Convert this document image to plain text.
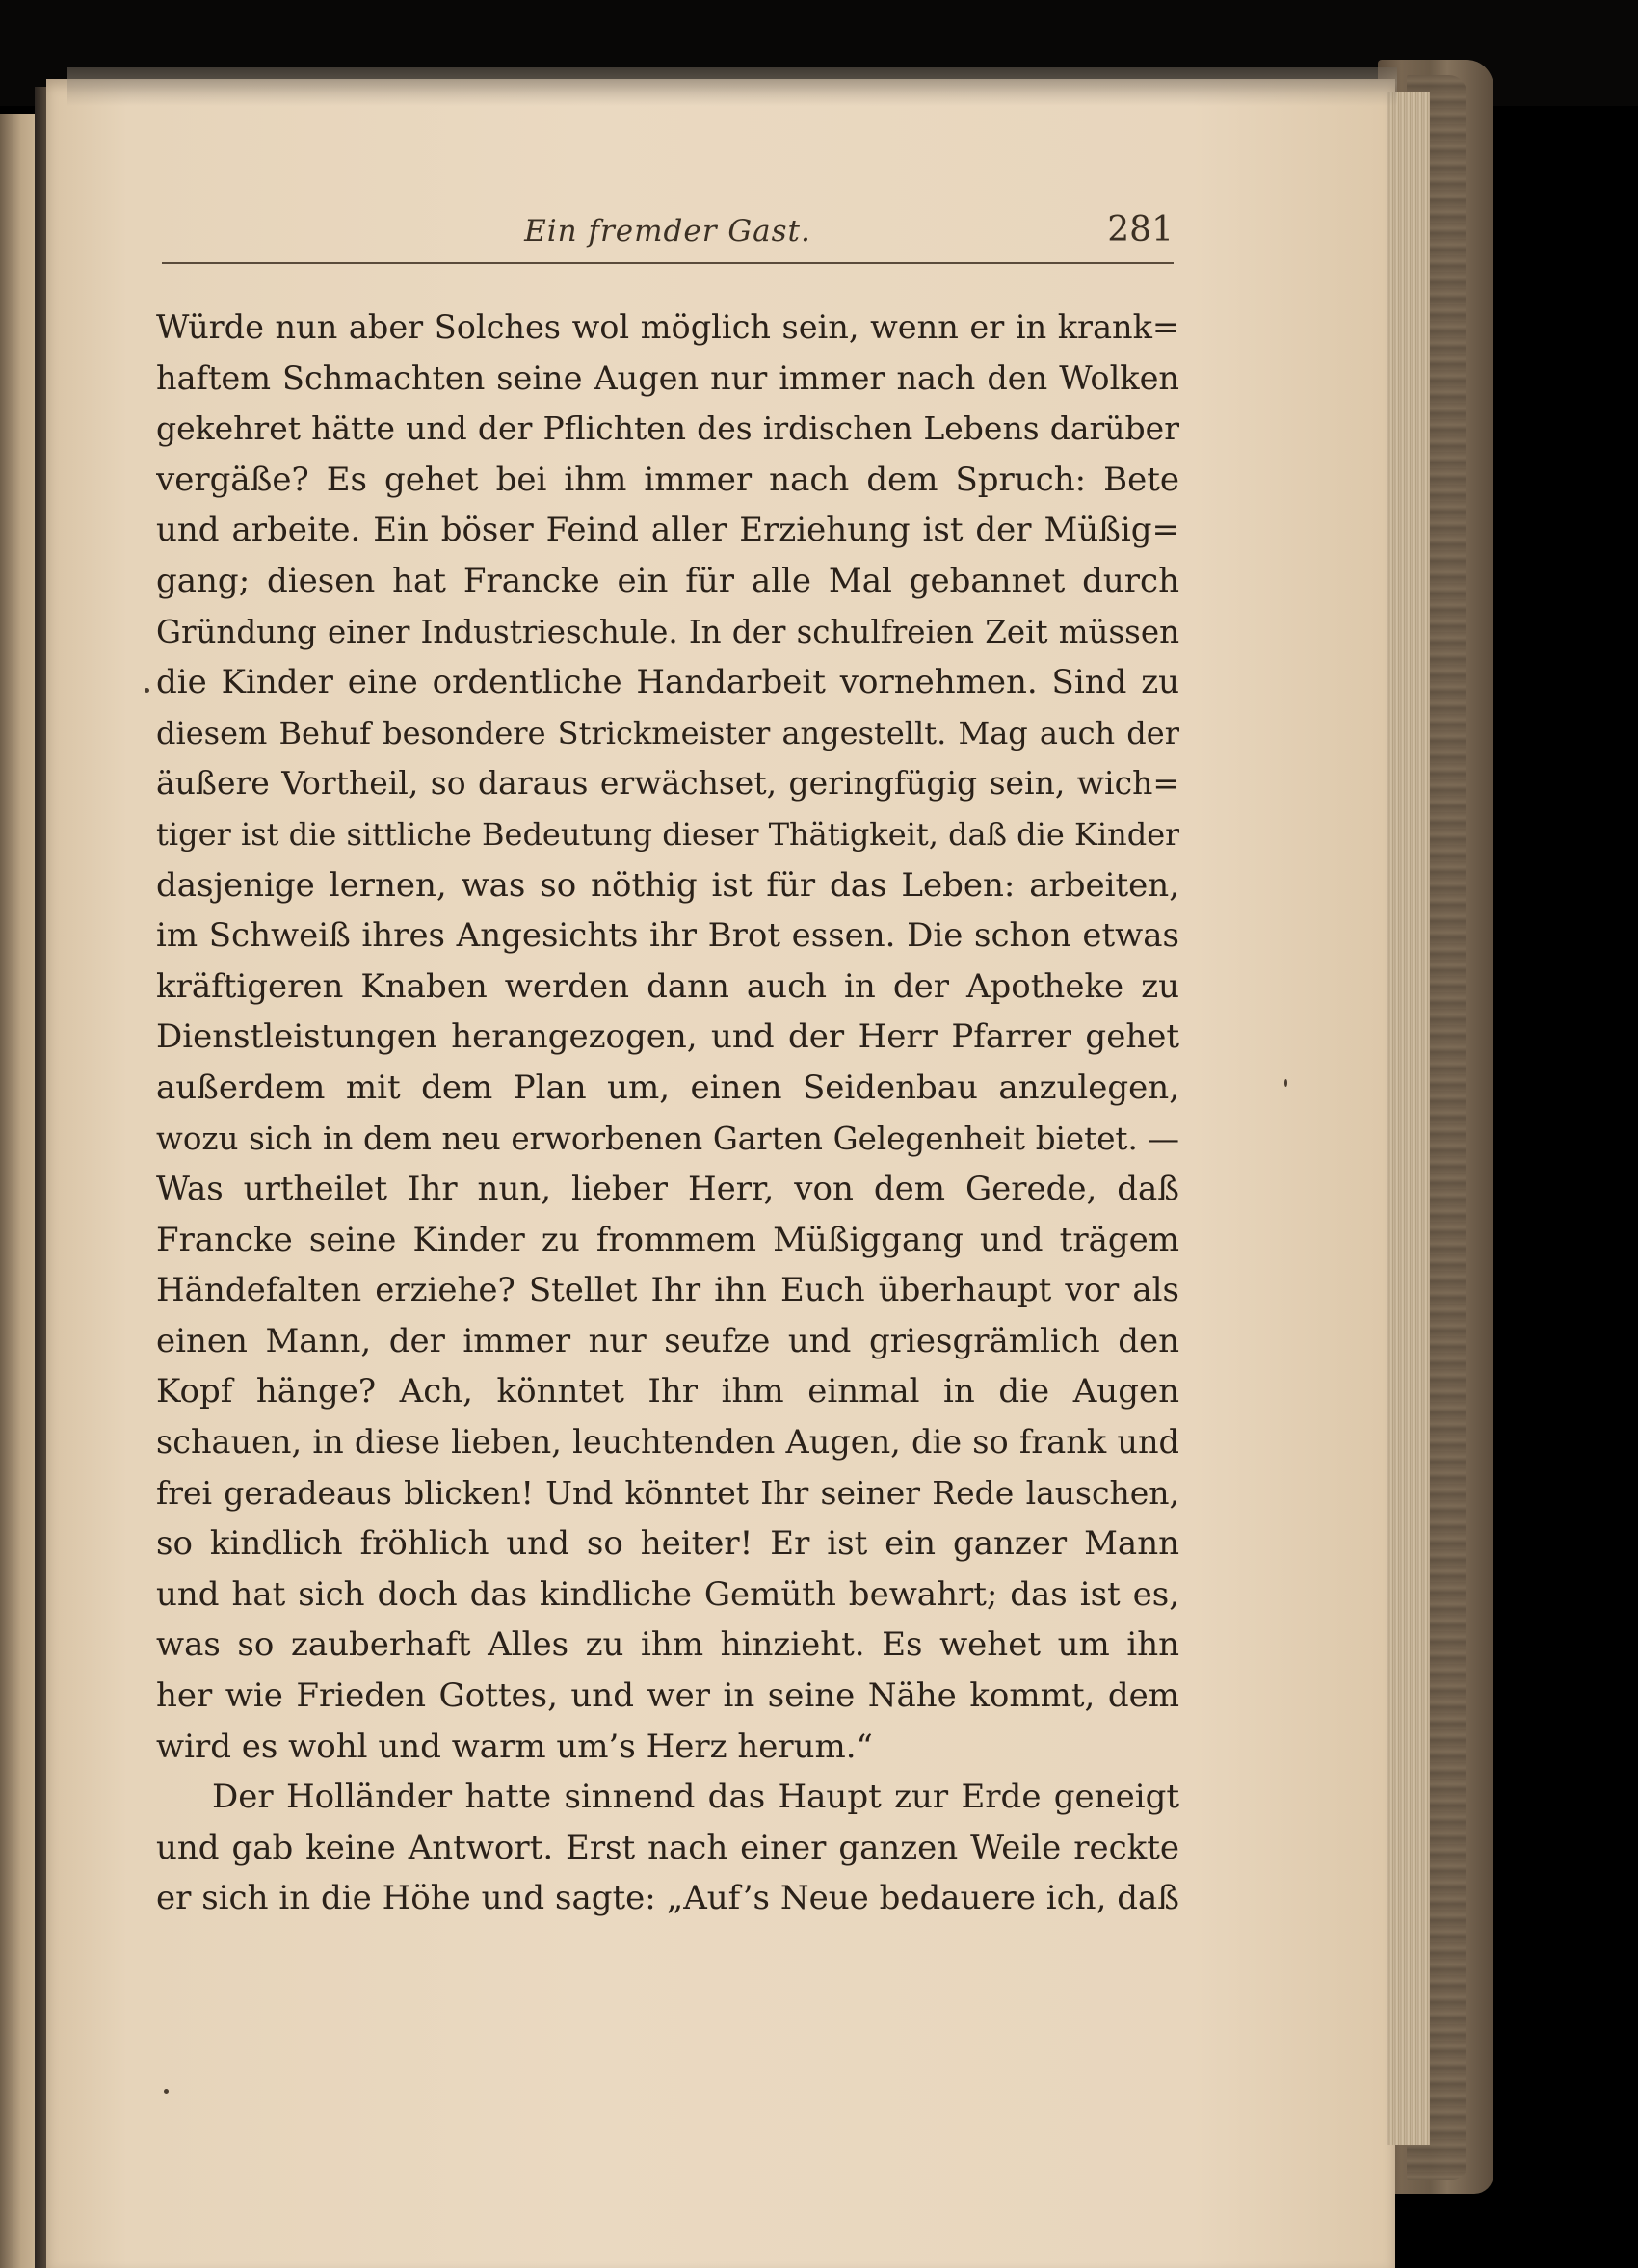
Ein fremder Gast.	281
Würde nun aber Solches wol möglich sein, wenn er in krank=
haftem Schmachten seine Augen nur immer nach den Wolken
gekehret hätte und der Pflichten des irdischen Lebens darüber
vergäße? Es gehet bei ihm immer nach dem Spruch: Bete
und arbeite. Ein böser Feind aller Erziehung ist der Müßig=
gang; diesen hat Francke ein für alle Mal gebannet durch
Gründung einer Industrieschule. In der schulfreien Zeit müssen
die Kinder eine ordentliche Handarbeit vornehmen. Sind zu
diesem Behuf besondere Strickmeister angestellt. Mag auch der
äußere Vortheil, so daraus erwächset, geringfügig sein, wich=
tiger ist die sittliche Bedeutung dieser Thätigkeit, daß die Kinder
dasjenige lernen, was so nöthig ist für das Leben: arbeiten,
im Schweiß ihres Angesichts ihr Brot essen. Die schon etwas
kräftigeren Knaben werden dann auch in der Apotheke zu
Dienstleistungen herangezogen, und der Herr Pfarrer gehet
außerdem mit dem Plan um, einen Seidenbau anzulegen,
wozu sich in dem neu erworbenen Garten Gelegenheit bietet. —
Was urtheilet Ihr nun, lieber Herr, von dem Gerede, daß
Francke seine Kinder zu frommem Müßiggang und trägem
Händefalten erziehe? Stellet Ihr ihn Euch überhaupt vor als
einen Mann, der immer nur seufze und griesgrämlich den
Kopf hänge? Ach, könntet Ihr ihm einmal in die Augen
schauen, in diese lieben, leuchtenden Augen, die so frank und
frei geradeaus blicken! Und könntet Ihr seiner Rede lauschen,
so kindlich fröhlich und so heiter! Er ist ein ganzer Mann
und hat sich doch das kindliche Gemüth bewahrt; das ist es,
was so zauberhaft Alles zu ihm hinzieht. Es wehet um ihn
her wie Frieden Gottes, und wer in seine Nähe kommt, dem
wird es wohl und warm um’s Herz herum.“
Der Holländer hatte sinnend das Haupt zur Erde geneigt
und gab keine Antwort. Erst nach einer ganzen Weile reckte
er sich in die Höhe und sagte: „Auf’s Neue bedauere ich, daß
